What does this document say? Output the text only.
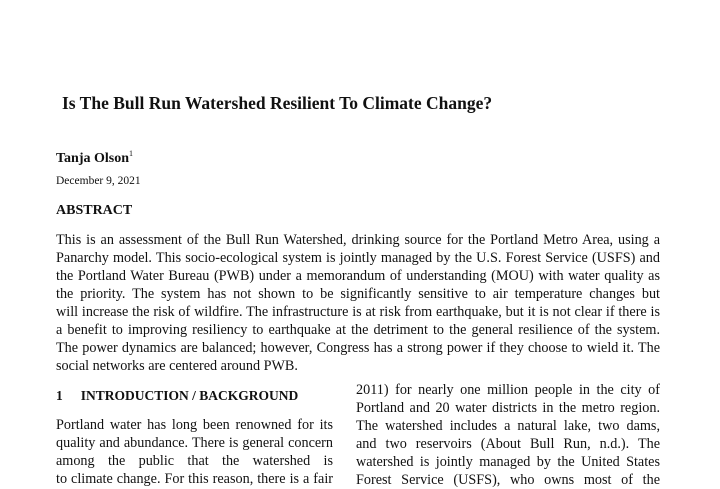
Is The Bull Run Watershed Resilient To Climate Change?
Tanja Olson$^1$
December 9, 2021
ABSTRACT
This is an assessment of the Bull Run Watershed, drinking source for the Portland Metro Area, using a
Panarchy model. This socio-ecological system is jointly managed by the U.S. Forest Service (USFS) and
the Portland Water Bureau (PWB) under a memorandum of understanding (MOU) with water quality as
the priority. The system has not shown to be significantly sensitive to air temperature changes but
will increase the risk of wildfire. The infrastructure is at risk from earthquake, but it is not clear if there is
a benefit to improving resiliency to earthquake at the detriment to the general resilience of the system.
The power dynamics are balanced; however, Congress has a strong power if they choose to wield it. The
social networks are centered around PWB.
1 INTRODUCTION / BACKGROUND
Portland water has long been renowned for its
quality and abundance. There is general concern
among the public that the watershed is
to climate change. For this reason, there is a fair
2011) for nearly one million people in the city of
Portland and 20 water districts in the metro region.
The watershed includes a natural lake, two dams,
and two reservoirs (About Bull Run, n.d.). The
watershed is jointly managed by the United States
Forest Service (USFS), who owns most of the
